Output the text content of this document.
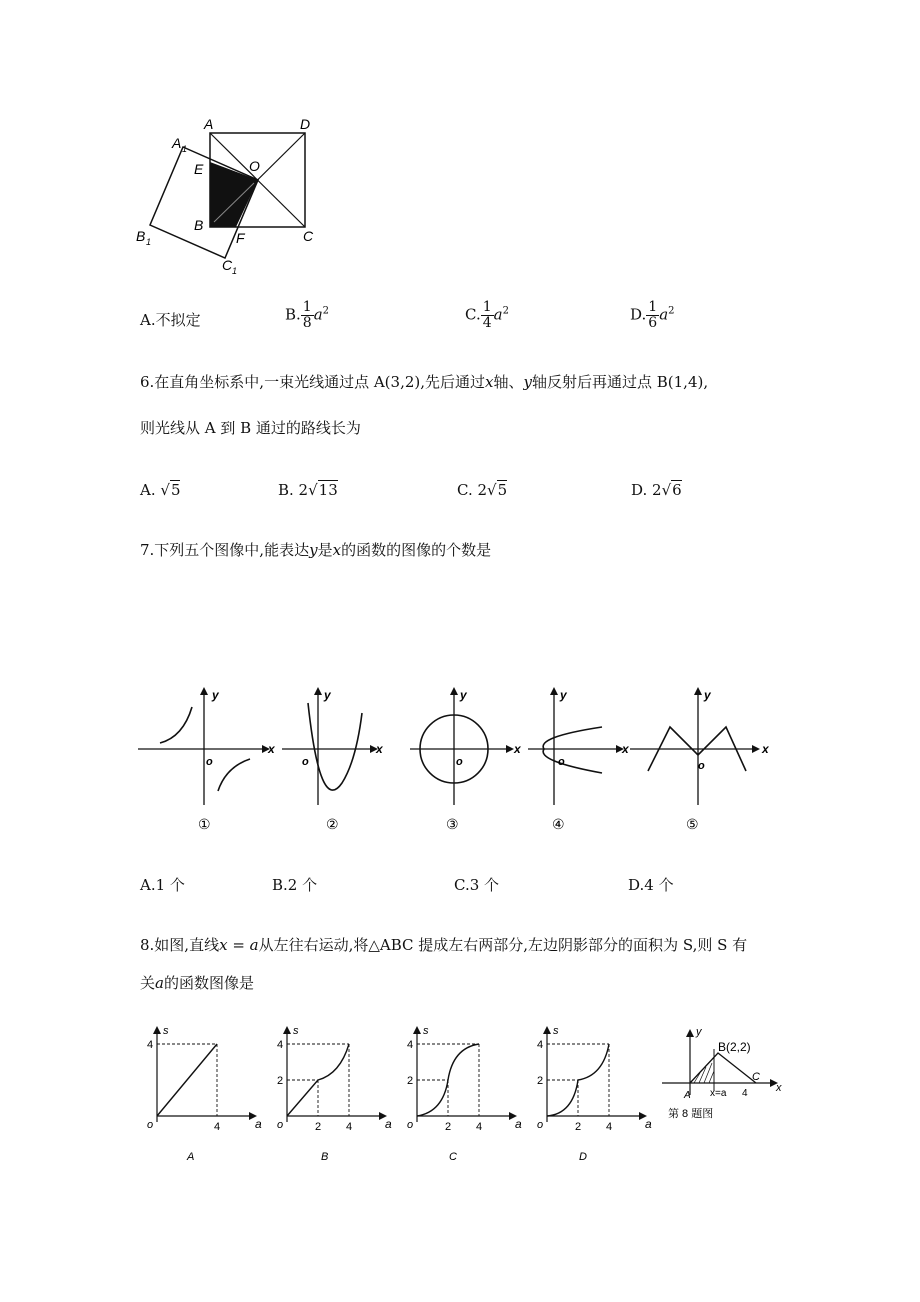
A	D
A 1
E	O
B
F	C
B 1
C 1
A.不拟定	B. $\frac{1}{8} a^2$	C. $\frac{1}{4} a^2$	D. $\frac{1}{6} a^2$
6.在直角坐标系中,一束光线通过点 A(3,2),先后通过x轴、y轴反射后再通过点 B(1,4),
则光线从 A 到 B 通过的路线长为
A. √5	B. 2√13	C. 2√5	D. 2√6
7.下列五个图像中,能表达y是x的函数的图像的个数是
y
x
o
①
y
x
o
②
y
x
o
③
y
x
o
④
y
x
o
⑤
A.1 个	B.2 个	C.3 个	D.4 个
8.如图,直线x = a从左往右运动,将△ABC 提成左右两部分,左边阴影部分的面积为 S,则 S 有
关a的函数图像是
s
a
o
4
4
A
s
a
o
4
2
2 4
B
s
a
o
4
2
2 4
C
s
a
o
4
2
2 4
D
y
x
B(2,2)
A x=a 4
C
第 8 题图
